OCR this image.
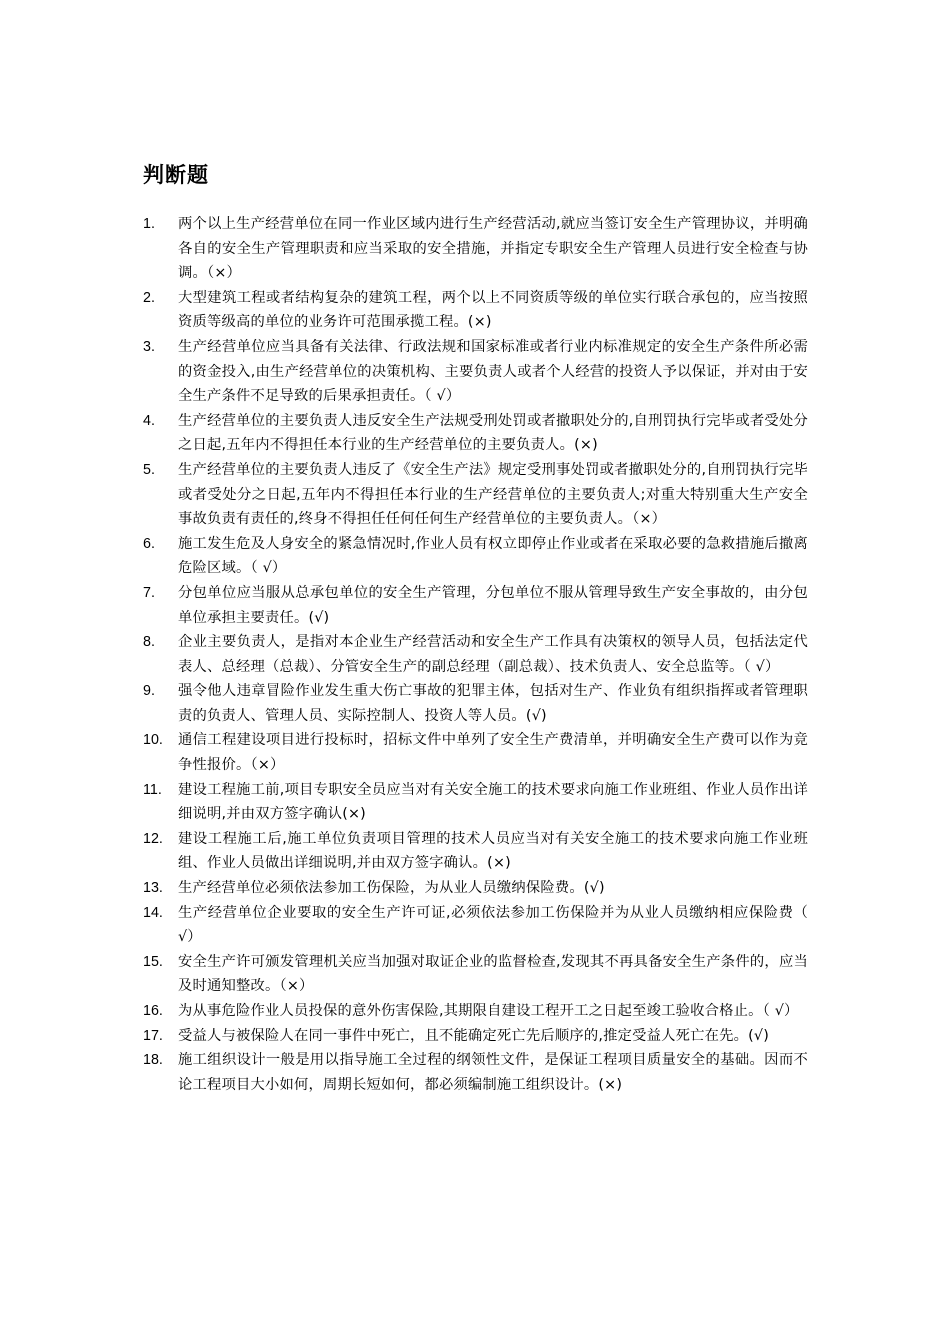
判断题
1.	两个以上生产经营单位在同一作业区域内进行生产经营活动,就应当签订安全生产管理协议，并明确各自的安全生产管理职责和应当采取的安全措施，并指定专职安全生产管理人员进行安全检查与协调。（×）
2.	大型建筑工程或者结构复杂的建筑工程，两个以上不同资质等级的单位实行联合承包的，应当按照资质等级高的单位的业务许可范围承揽工程。(×)
3.	生产经营单位应当具备有关法律、行政法规和国家标准或者行业内标准规定的安全生产条件所必需的资金投入,由生产经营单位的决策机构、主要负责人或者个人经营的投资人予以保证，并对由于安全生产条件不足导致的后果承担责任。（ √）
4.	生产经营单位的主要负责人违反安全生产法规受刑处罚或者撤职处分的,自刑罚执行完毕或者受处分之日起,五年内不得担任本行业的生产经营单位的主要负责人。(×)
5.	生产经营单位的主要负责人违反了《安全生产法》规定受刑事处罚或者撤职处分的,自刑罚执行完毕或者受处分之日起,五年内不得担任本行业的生产经营单位的主要负责人;对重大特别重大生产安全事故负责有责任的,终身不得担任任何任何生产经营单位的主要负责人。（×）
6.	施工发生危及人身安全的紧急情况时,作业人员有权立即停止作业或者在采取必要的急救措施后撤离危险区域。（ √）
7.	分包单位应当服从总承包单位的安全生产管理，分包单位不服从管理导致生产安全事故的，由分包单位承担主要责任。(√)
8.	企业主要负责人，是指对本企业生产经营活动和安全生产工作具有决策权的领导人员，包括法定代表人、总经理（总裁）、分管安全生产的副总经理（副总裁）、技术负责人、安全总监等。（ √）
9.	强令他人违章冒险作业发生重大伤亡事故的犯罪主体，包括对生产、作业负有组织指挥或者管理职责的负责人、管理人员、实际控制人、投资人等人员。(√)
10.	通信工程建设项目进行投标时，招标文件中单列了安全生产费清单，并明确安全生产费可以作为竞争性报价。（×）
11.	建设工程施工前,项目专职安全员应当对有关安全施工的技术要求向施工作业班组、作业人员作出详细说明,并由双方签字确认(×)
12.	建设工程施工后,施工单位负责项目管理的技术人员应当对有关安全施工的技术要求向施工作业班组、作业人员做出详细说明,并由双方签字确认。(×)
13.	生产经营单位必须依法参加工伤保险，为从业人员缴纳保险费。(√)
14.	生产经营单位企业要取的安全生产许可证,必须依法参加工伤保险并为从业人员缴纳相应保险费（ √）
15.	安全生产许可颁发管理机关应当加强对取证企业的监督检查,发现其不再具备安全生产条件的，应当及时通知整改。（×）
16.	为从事危险作业人员投保的意外伤害保险,其期限自建设工程开工之日起至竣工验收合格止。（ √）
17.	受益人与被保险人在同一事件中死亡，且不能确定死亡先后顺序的,推定受益人死亡在先。(√)
18.	施工组织设计一般是用以指导施工全过程的纲领性文件，是保证工程项目质量安全的基础。因而不论工程项目大小如何，周期长短如何，都必须编制施工组织设计。(×)
